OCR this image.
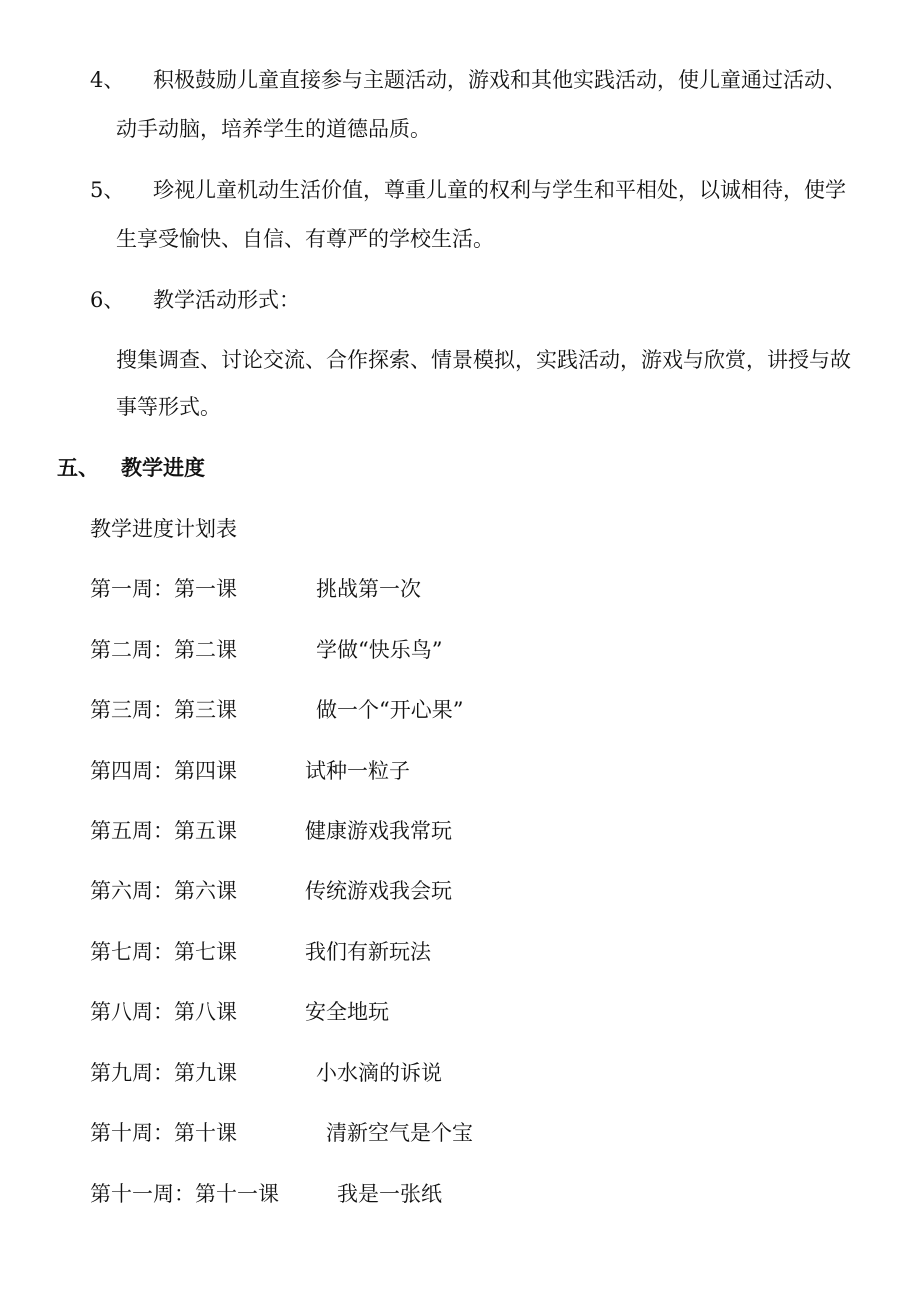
4、 积极鼓励儿童直接参与主题活动，游戏和其他实践活动，使儿童通过活动、
动手动脑，培养学生的道德品质。
5、 珍视儿童机动生活价值，尊重儿童的权利与学生和平相处，以诚相待，使学
生享受愉快、自信、有尊严的学校生活。
6、 教学活动形式：
搜集调查、讨论交流、合作探索、情景模拟，实践活动，游戏与欣赏，讲授与故
事等形式。
五、 教学进度
教学进度计划表
第一周：第一课	挑战第一次
第二周：第二课	学做“快乐鸟”
第三周：第三课	做一个“开心果”
第四周：第四课	试种一粒子
第五周：第五课	健康游戏我常玩
第六周：第六课	传统游戏我会玩
第七周：第七课	我们有新玩法
第八周：第八课	安全地玩
第九周：第九课	小水滴的诉说
第十周：第十课	清新空气是个宝
第十一周：第十一课	我是一张纸
